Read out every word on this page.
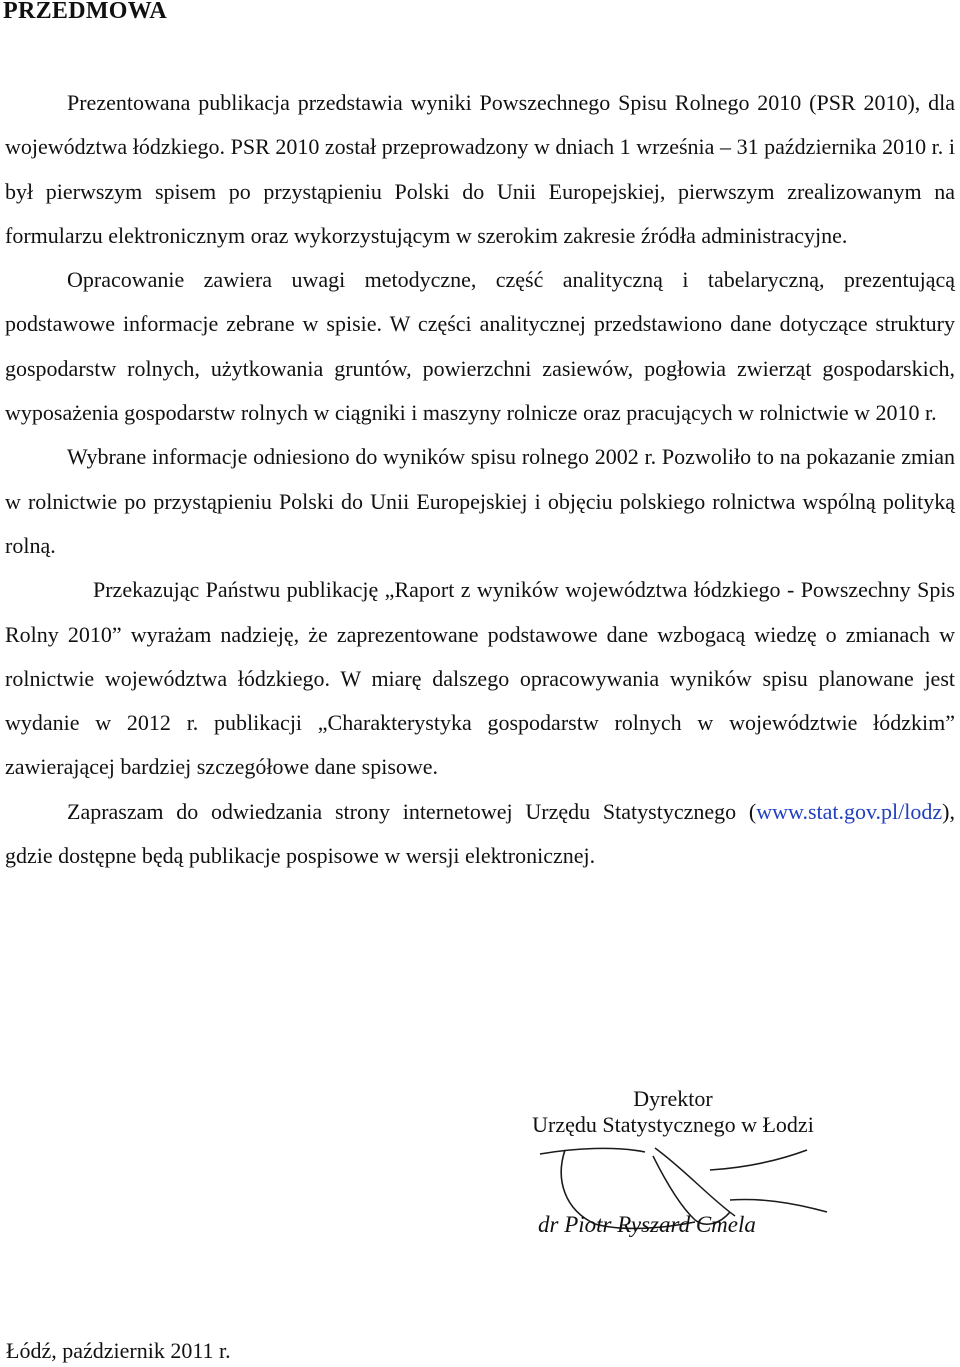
PRZEDMOWA

Prezentowana publikacja przedstawia wyniki Powszechnego Spisu Rolnego 2010 (PSR 2010), dla województwa łódzkiego. PSR 2010 został przeprowadzony w dniach 1 września – 31 października 2010 r. i był pierwszym spisem po przystąpieniu Polski do Unii Europejskiej, pierwszym zrealizowanym na formularzu elektronicznym oraz wykorzystującym w szerokim zakresie źródła administracyjne.

Opracowanie zawiera uwagi metodyczne, część analityczną i tabelaryczną, prezentującą podstawowe informacje zebrane w spisie. W części analitycznej przedstawiono dane dotyczące struktury gospodarstw rolnych, użytkowania gruntów, powierzchni zasiewów, pogłowia zwierząt gospodarskich, wyposażenia gospodarstw rolnych w ciągniki i maszyny rolnicze oraz pracujących w rolnictwie w 2010 r.

Wybrane informacje odniesiono do wyników spisu rolnego 2002 r. Pozwoliło to na pokazanie zmian w rolnictwie po przystąpieniu Polski do Unii Europejskiej i objęciu polskiego rolnictwa wspólną polityką rolną.

Przekazując Państwu publikację „Raport z wyników województwa łódzkiego - Powszechny Spis Rolny 2010” wyrażam nadzieję, że zaprezentowane podstawowe dane wzbogacą wiedzę o zmianach w rolnictwie województwa łódzkiego. W miarę dalszego opracowywania wyników spisu planowane jest wydanie w 2012 r. publikacji „Charakterystyka gospodarstw rolnych w województwie łódzkim” zawierającej bardziej szczegółowe dane spisowe.

Zapraszam do odwiedzania strony internetowej Urzędu Statystycznego (www.stat.gov.pl/lodz), gdzie dostępne będą publikacje pospisowe w wersji elektronicznej.

Dyrektor
Urzędu Statystycznego w Łodzi
dr Piotr Ryszard Cmela
Łódź, październik 2011 r.
